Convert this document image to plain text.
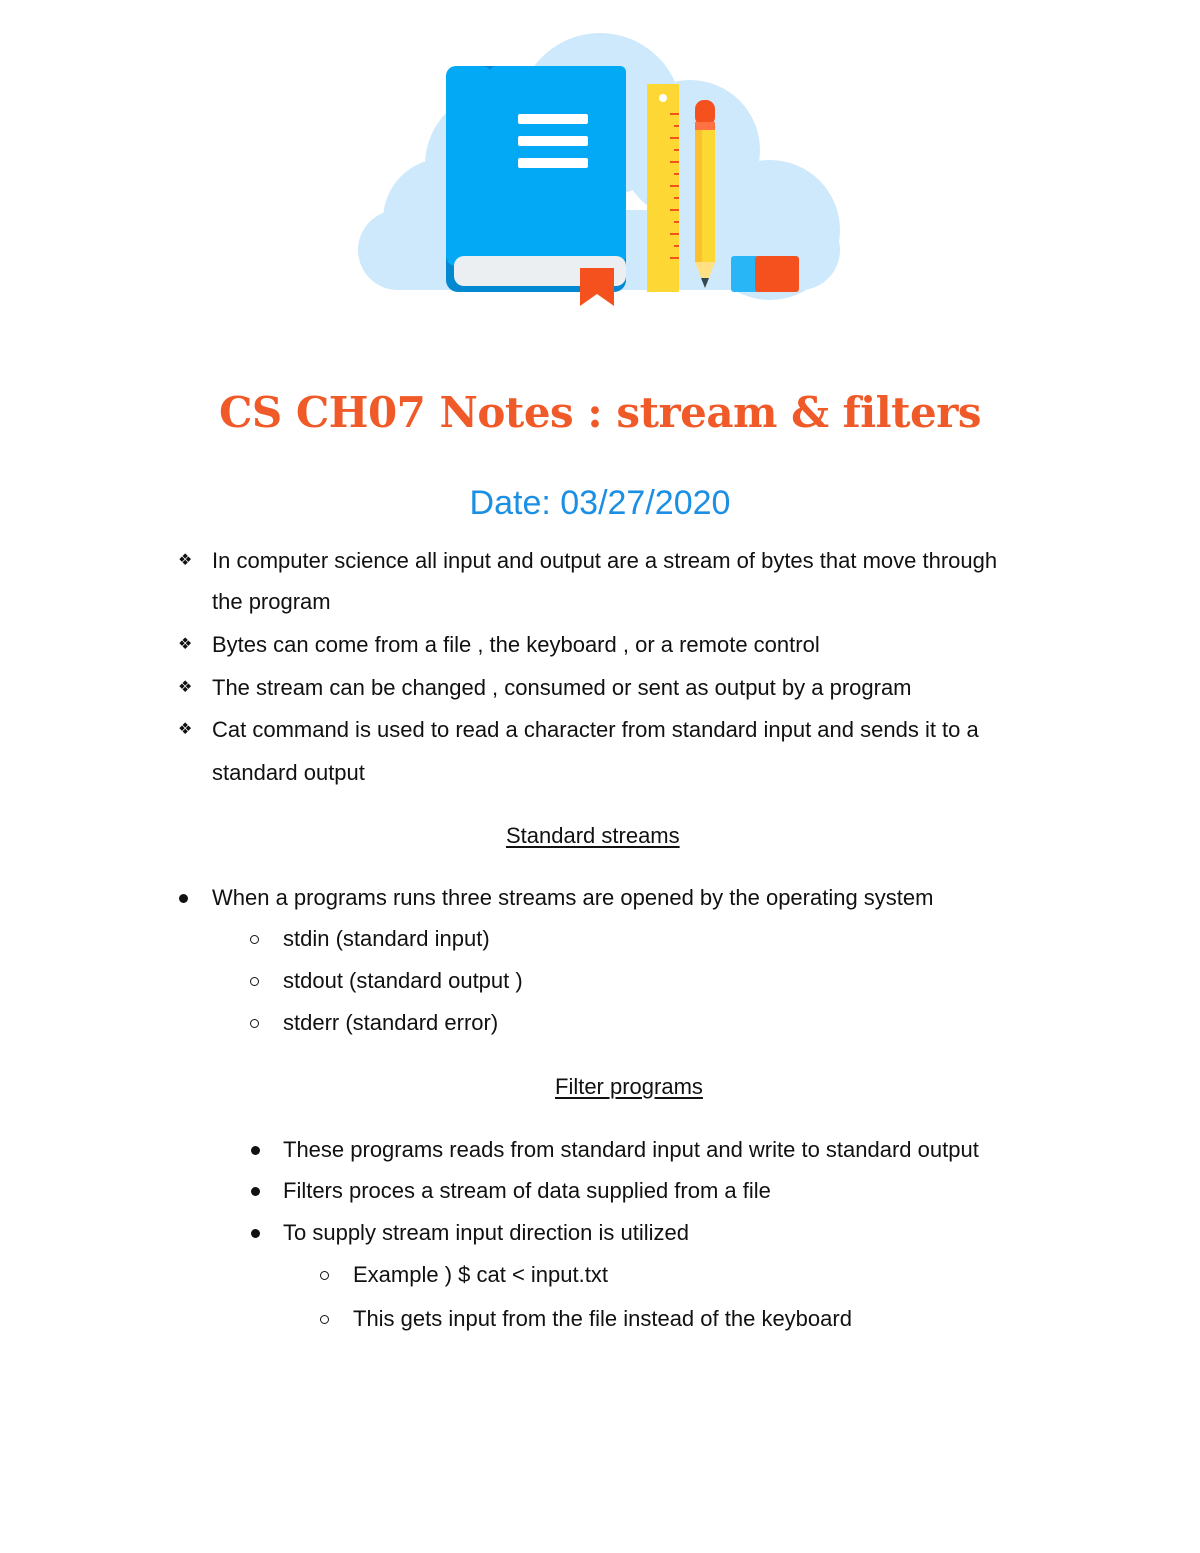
CS CH07 Notes : stream & filters
Date: 03/27/2020
❖ In computer science all input and output are a stream of bytes that move through
the program
❖ Bytes can come from a file , the keyboard , or a remote control
❖ The stream can be changed , consumed or sent as output by a program
❖ Cat command is used to read a character from standard input and sends it to a
standard output
Standard streams
When a programs runs three streams are opened by the operating system
stdin (standard input)
stdout (standard output )
stderr (standard error)
Filter programs
These programs reads from standard input and write to standard output
Filters proces a stream of data supplied from a file
To supply stream input direction is utilized
Example ) $ cat < input.txt
This gets input from the file instead of the keyboard
